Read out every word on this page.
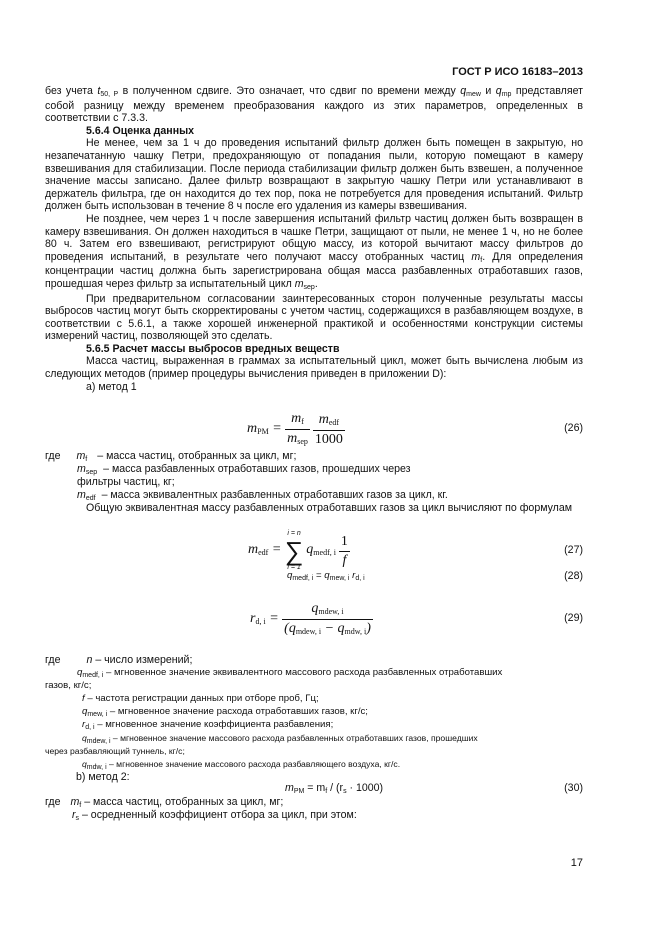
ГОСТ Р ИСО 16183–2013

без учета t50, P в полученном сдвиге. Это означает, что сдвиг по времени между qmew и qmp представляет собой разницу между временем преобразования каждого из этих параметров, определенных в соответствии с 7.3.3.

5.6.4 Оценка данных

Не менее, чем за 1 ч до проведения испытаний фильтр должен быть помещен в закрытую, но незапечатанную чашку Петри, предохраняющую от попадания пыли, которую помещают в камеру взвешивания для стабилизации. После периода стабилизации фильтр должен быть взвешен, а полученное значение массы записано. Далее фильтр возвращают в закрытую чашку Петри или устанавливают в держатель фильтра, где он находится до тех пор, пока не потребуется для проведения испытаний. Фильтр должен быть использован в течение 8 ч после его удаления из камеры взвешивания.

Не позднее, чем через 1 ч после завершения испытаний фильтр частиц должен быть возвращен в камеру взвешивания. Он должен находиться в чашке Петри, защищают от пыли, не менее 1 ч, но не более 80 ч. Затем его взвешивают, регистрируют общую массу, из которой вычитают массу фильтров до проведения испытаний, в результате чего получают массу отобранных частиц mf. Для определения концентрации частиц должна быть зарегистрирована общая масса разбавленных отработавших газов, прошедшая через фильтр за испытательный цикл msep.

При предварительном согласовании заинтересованных сторон полученные результаты массы выбросов частиц могут быть скорректированы с учетом частиц, содержащихся в разбавляющем воздухе, в соответствии с 5.6.1, а также хорошей инженерной практикой и особенностями конструкции системы измерений частиц, позволяющей это сделать.

5.6.5 Расчет массы выбросов вредных веществ

Масса частиц, выраженная в граммах за испытательный цикл, может быть вычислена любым из следующих методов (пример процедуры вычисления приведен в приложении D):

а) метод 1

mPM = $\frac{mf}{\text{msep}}$
$\frac{\text{medf}}{1000}$	(26)
где mf – масса частиц, отобранных за цикл, мг;
msep – масса разбавленных отработавших газов, прошедших через
фильтры частиц, кг;
medf – масса эквивалентных разбавленных отработавших газов за цикл, кг.

Общую эквивалентная массу разбавленных отработавших газов за цикл вычисляют по формулам

medf =
i = n
∑
i = 1
qmedf, i $\frac{1}{f}$	(27)
$q_{medf, i} = q_{mew, i}$ $r_{d, i}$	(28)
rd, $i = \frac{\text{qmdew, i}}{\text{(qmdew, i − qmdw, i)}}$	(29)
где n – число измерений;
$q_{medf, i}$ – мгновенное значение эквивалентного массового расхода разбавленных отработавших
газов, кг/с;
f – частота регистрации данных при отборе проб, Гц;
$q_{mew, i}$ – мгновенное значение расхода отработавших газов, кг/с;
$r_{d, i}$ – мгновенное значение коэффициента разбавления;
$q_{mdew, i}$ – мгновенное значение массового расхода разбавленных отработавших газов, прошедших
через разбавляющий туннель, кг/с;
$q_{mdw, i}$ – мгновенное значение массового расхода разбавляющего воздуха, кг/с.
b) метод 2:
mPM = mf / (rs · 1000)	(30)
где mf – масса частиц, отобранных за цикл, мг;
rs – осредненный коэффициент отбора за цикл, при этом:
17
